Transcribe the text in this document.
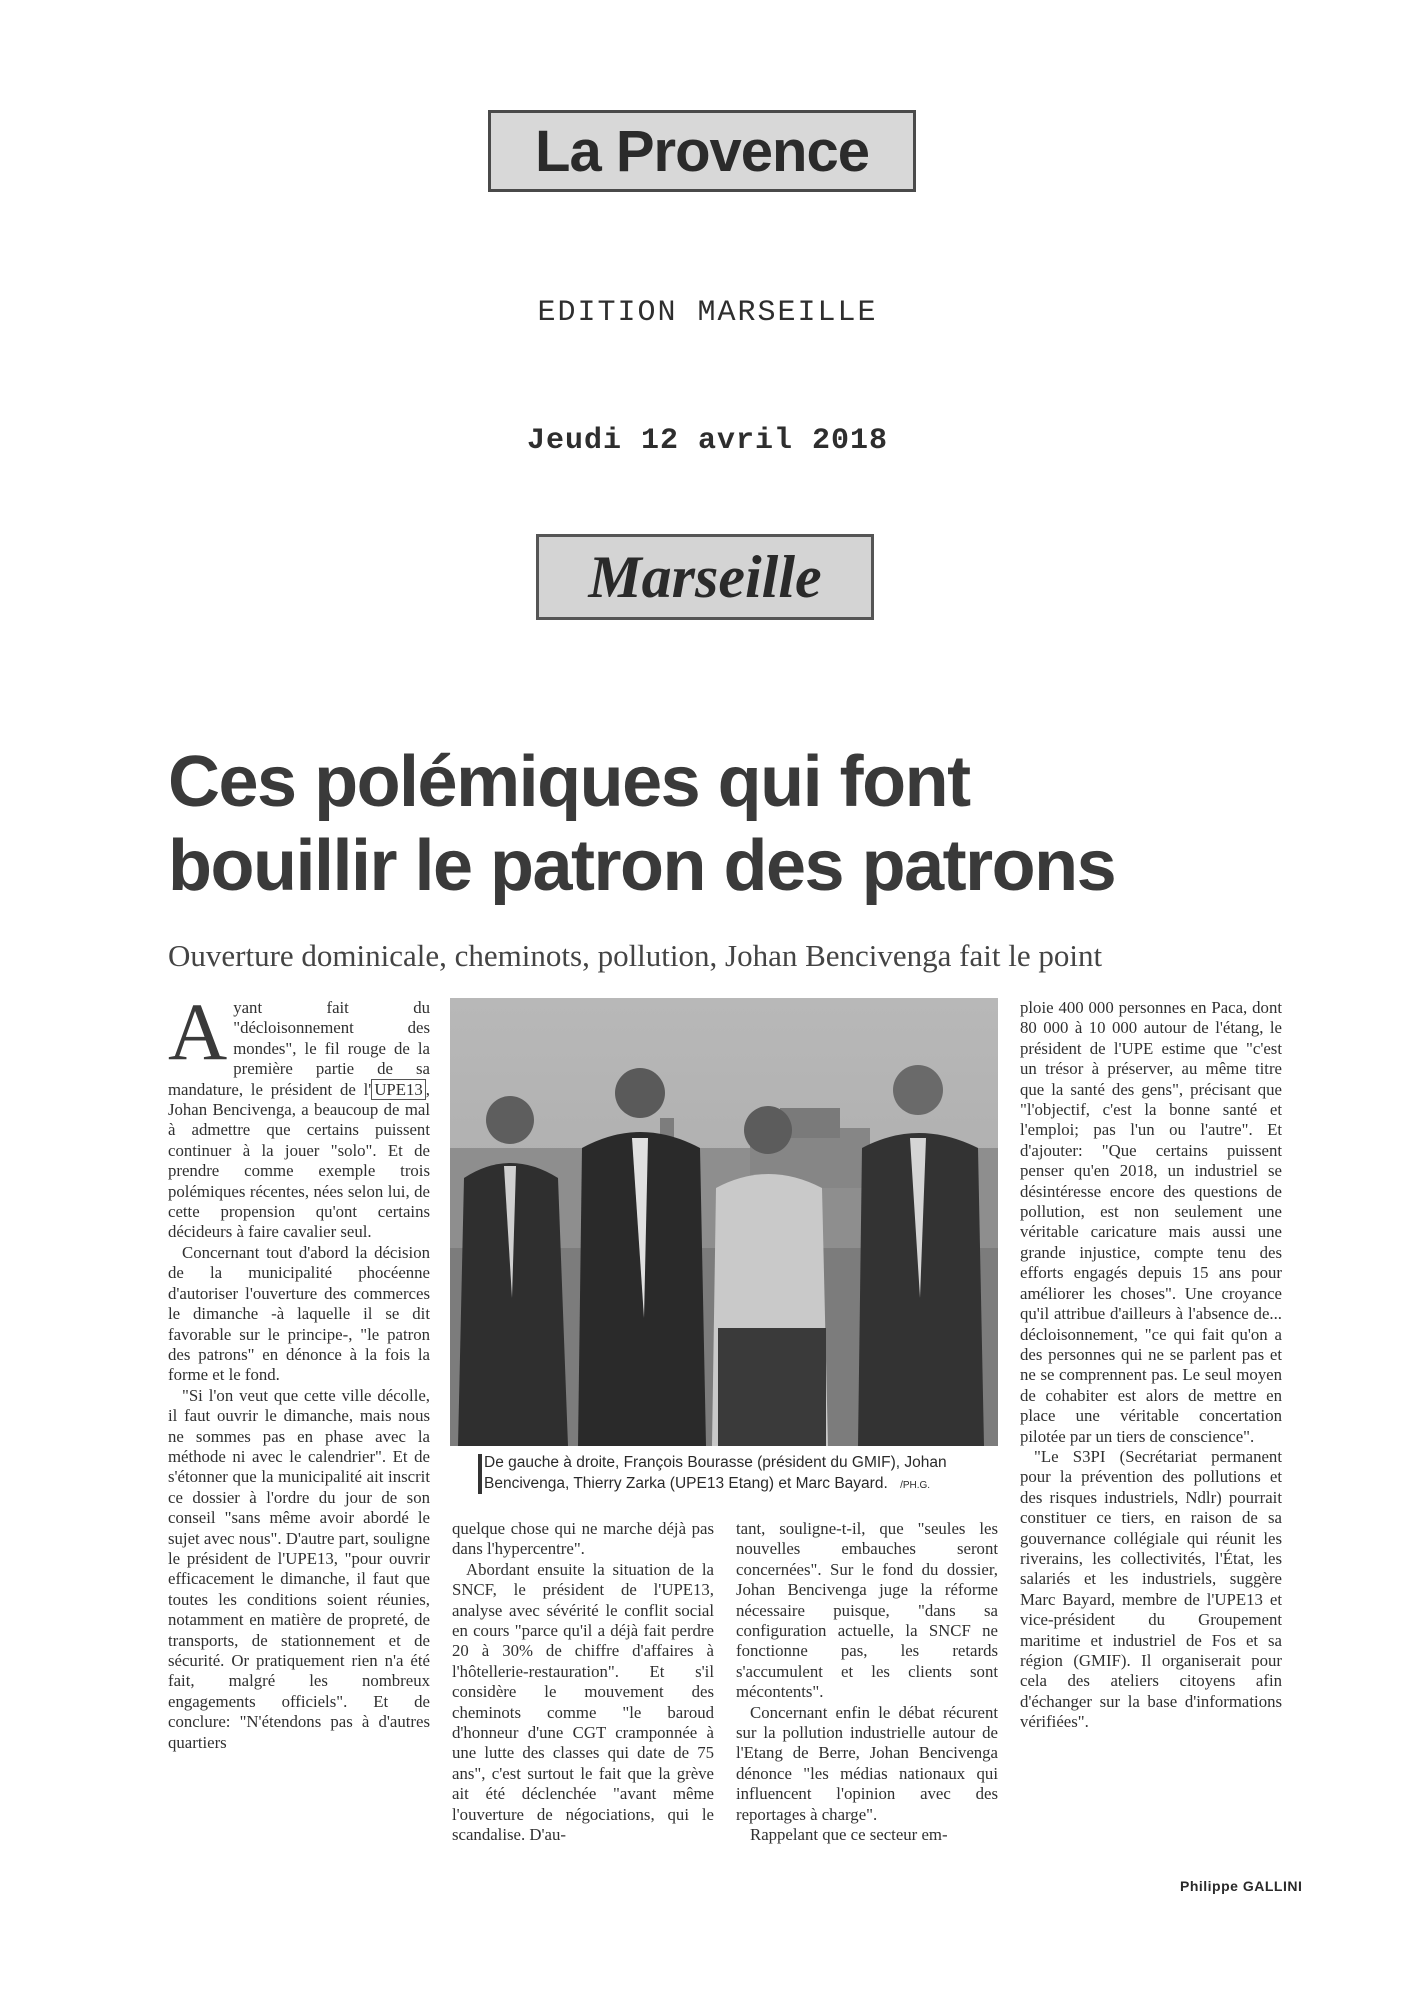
La Provence
EDITION MARSEILLE
Jeudi 12 avril 2018
Marseille
Ces polémiques qui font
bouillir le patron des patrons
Ouverture dominicale, cheminots, pollution, Johan Bencivenga fait le point

Ayant fait du "décloisonnement des mondes", le fil rouge de la première partie de sa mandature, le président de l' UPE13 , Johan Bencivenga, a beaucoup de mal à admettre que certains puissent continuer à la jouer "solo". Et de prendre comme exemple trois polémiques récentes, nées selon lui, de cette propension qu'ont certains décideurs à faire cavalier seul.

Concernant tout d'abord la décision de la municipalité phocéenne d'autoriser l'ouverture des commerces le dimanche -à laquelle il se dit favorable sur le principe-, "le patron des patrons" en dénonce à la fois la forme et le fond.

"Si l'on veut que cette ville décolle, il faut ouvrir le dimanche, mais nous ne sommes pas en phase avec la méthode ni avec le calendrier". Et de s'étonner que la municipalité ait inscrit ce dossier à l'ordre du jour de son conseil "sans même avoir abordé le sujet avec nous". D'autre part, souligne le président de l'UPE13, "pour ouvrir efficacement le dimanche, il faut que toutes les conditions soient réunies, notamment en matière de propreté, de transports, de stationnement et de sécurité. Or pratiquement rien n'a été fait, malgré les nombreux engagements officiels". Et de conclure: "N'étendons pas à d'autres quartiers

De gauche à droite, François Bourasse (président du GMIF), Johan Bencivenga, Thierry Zarka (UPE13 Etang) et Marc Bayard. /PH.G.

quelque chose qui ne marche déjà pas dans l'hypercentre".

Abordant ensuite la situation de la SNCF, le président de l'UPE13, analyse avec sévérité le conflit social en cours "parce qu'il a déjà fait perdre 20 à 30% de chiffre d'affaires à l'hôtellerie-restauration". Et s'il considère le mouvement des cheminots comme "le baroud d'honneur d'une CGT cramponnée à une lutte des classes qui date de 75 ans", c'est surtout le fait que la grève ait été déclenchée "avant même l'ouverture de négociations, qui le scandalise. D'au-

tant, souligne-t-il, que "seules les nouvelles embauches seront concernées". Sur le fond du dossier, Johan Bencivenga juge la réforme nécessaire puisque, "dans sa configuration actuelle, la SNCF ne fonctionne pas, les retards s'accumulent et les clients sont mécontents".

Concernant enfin le débat récurent sur la pollution industrielle autour de l'Etang de Berre, Johan Bencivenga dénonce "les médias nationaux qui influencent l'opinion avec des reportages à charge".

Rappelant que ce secteur em-

ploie 400 000 personnes en Paca, dont 80 000 à 10 000 autour de l'étang, le président de l'UPE estime que "c'est un trésor à préserver, au même titre que la santé des gens", précisant que "l'objectif, c'est la bonne santé et l'emploi; pas l'un ou l'autre". Et d'ajouter: "Que certains puissent penser qu'en 2018, un industriel se désintéresse encore des questions de pollution, est non seulement une véritable caricature mais aussi une grande injustice, compte tenu des efforts engagés depuis 15 ans pour améliorer les choses". Une croyance qu'il attribue d'ailleurs à l'absence de... décloisonnement, "ce qui fait qu'on a des personnes qui ne se parlent pas et ne se comprennent pas. Le seul moyen de cohabiter est alors de mettre en place une véritable concertation pilotée par un tiers de conscience".

"Le S3PI (Secrétariat permanent pour la prévention des pollutions et des risques industriels, Ndlr) pourrait constituer ce tiers, en raison de sa gouvernance collégiale qui réunit les riverains, les collectivités, l'État, les salariés et les industriels, suggère Marc Bayard, membre de l'UPE13 et vice-président du Groupement maritime et industriel de Fos et sa région (GMIF). Il organiserait pour cela des ateliers citoyens afin d'échanger sur la base d'informations vérifiées".

Philippe GALLINI
